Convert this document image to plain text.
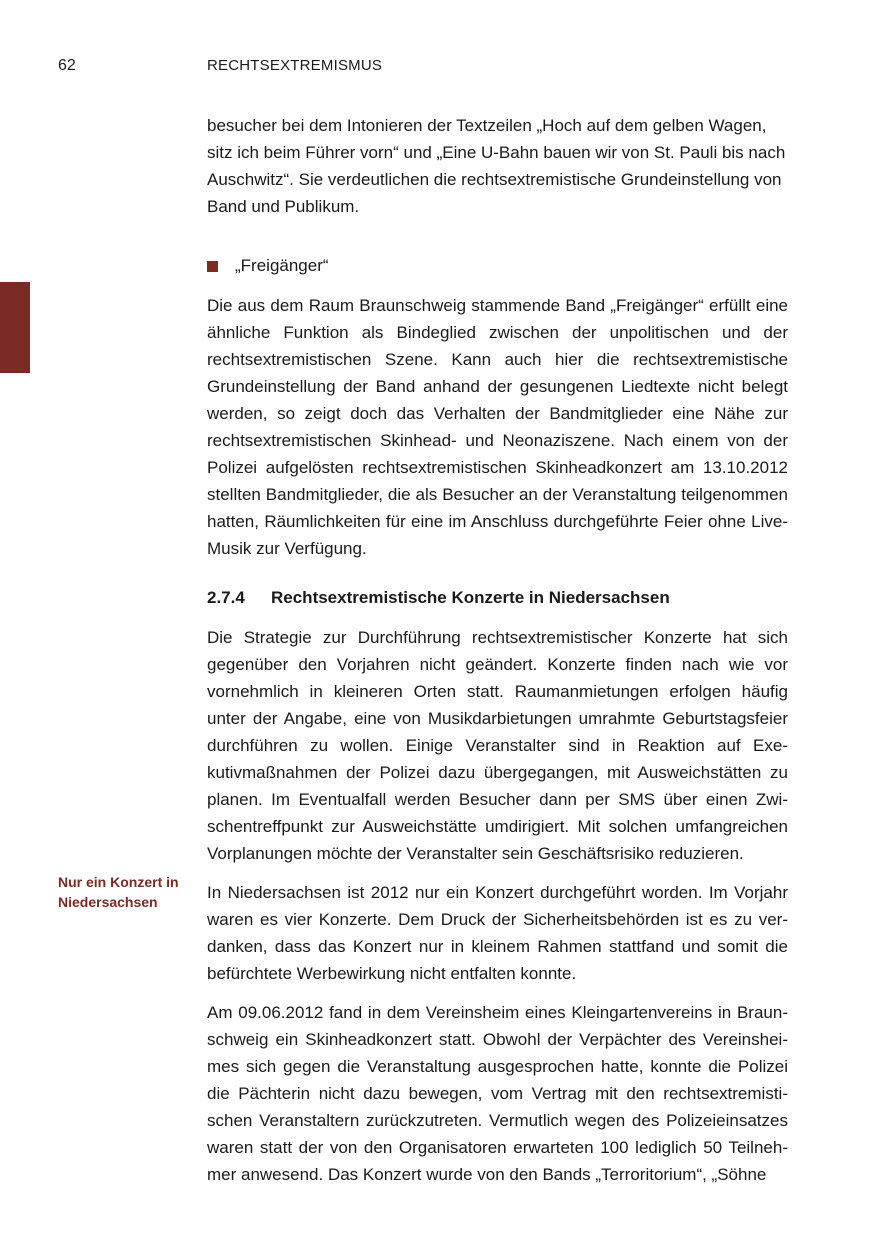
62	RECHTSEXTREMISMUS
Nur ein Konzert in
Niedersachsen

besucher bei dem Intonieren der Textzeilen „Hoch auf dem gelben Wagen, sitz ich beim Führer vorn“ und „Eine U-Bahn bauen wir von St. Pauli bis nach Auschwitz“. Sie verdeutlichen die rechtsextremistische Grundeinstellung von Band und Publikum.

„Freigänger“

Die aus dem Raum Braunschweig stammende Band „Freigänger“ erfüllt eine ähnliche Funktion als Bindeglied zwischen der unpolitischen und der rechtsextremistischen Szene. Kann auch hier die rechtsextremistische Grundeinstellung der Band anhand der gesungenen Liedtexte nicht belegt werden, so zeigt doch das Verhalten der Bandmitglieder eine Nähe zur rechtsextremistischen Skinhead- und Neonaziszene. Nach einem von der Polizei aufgelösten rechtsextremistischen Skinheadkonzert am 13.10.2012 stellten Bandmitglieder, die als Besucher an der Veranstaltung teilgenommen hatten, Räumlichkeiten für eine im Anschluss durchgeführte Feier ohne Live-Musik zur Verfügung.

2.7.4	Rechtsextremistische Konzerte in Niedersachsen

Die Strategie zur Durchführung rechtsextremistischer Konzerte hat sich gegenüber den Vorjahren nicht geändert. Konzerte finden nach wie vor vornehmlich in kleineren Orten statt. Raumanmietungen erfolgen häufig unter der Angabe, eine von Musikdarbietungen umrahmte Geburtstagsfeier durchführen zu wollen. Einige Veranstalter sind in Reaktion auf Exekutivmaßnahmen der Polizei dazu übergegangen, mit Ausweichstätten zu planen. Im Eventualfall werden Besucher dann per SMS über einen Zwischentreffpunkt zur Ausweichstätte umdirigiert. Mit solchen umfangreichen Vorplanungen möchte der Veranstalter sein Geschäftsrisiko reduzieren.

In Niedersachsen ist 2012 nur ein Konzert durchgeführt worden. Im Vorjahr waren es vier Konzerte. Dem Druck der Sicherheitsbehörden ist es zu verdanken, dass das Konzert nur in kleinem Rahmen stattfand und somit die befürchtete Werbewirkung nicht entfalten konnte.

Am 09.06.2012 fand in dem Vereinsheim eines Kleingartenvereins in Braunschweig ein Skinheadkonzert statt. Obwohl der Verpächter des Vereinsheimes sich gegen die Veranstaltung ausgesprochen hatte, konnte die Polizei die Pächterin nicht dazu bewegen, vom Vertrag mit den rechtsextremistischen Veranstaltern zurückzutreten. Vermutlich wegen des Polizeieinsatzes waren statt der von den Organisatoren erwarteten 100 lediglich 50 Teilnehmer anwesend. Das Konzert wurde von den Bands „Terroritorium“, „Söhne
